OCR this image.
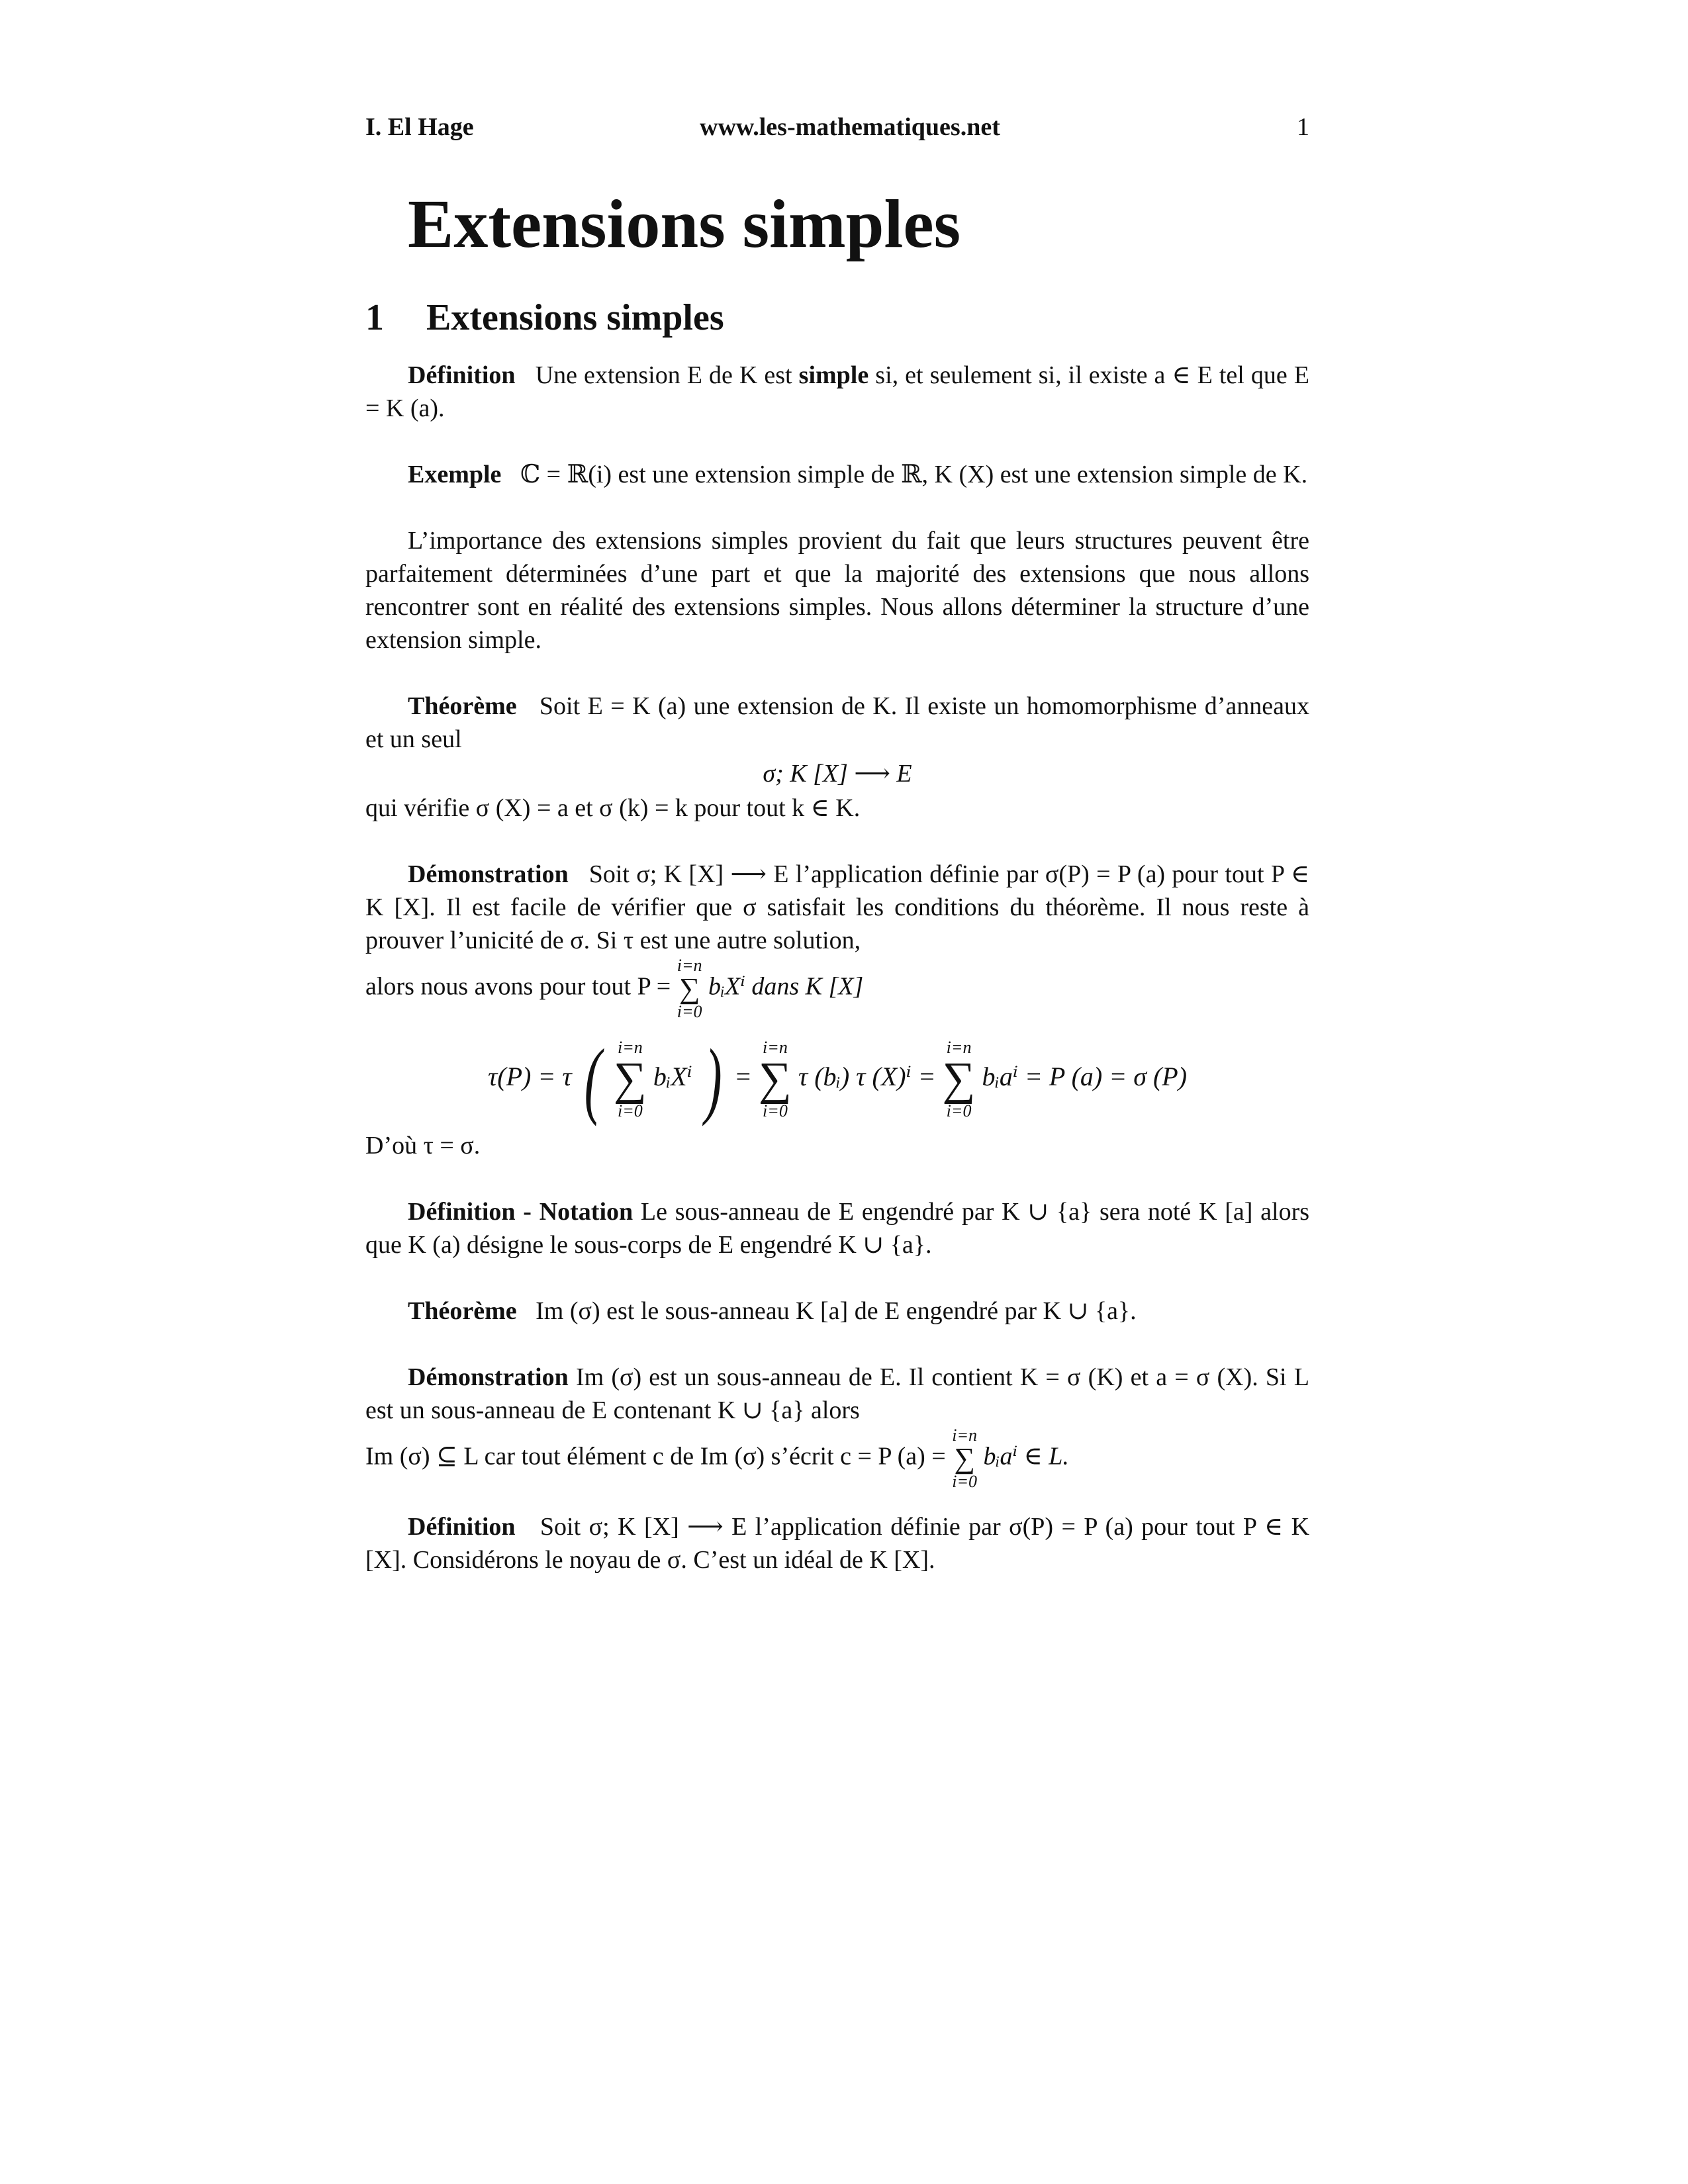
I. El Hage	www.les-mathematiques.net	1
Extensions simples
1 Extensions simples

Définition Une extension E de K est simple si, et seulement si, il existe a ∈ E tel que E = K (a).

Exemple ℂ = ℝ(i) est une extension simple de ℝ, K (X) est une extension simple de K.

L’importance des extensions simples provient du fait que leurs structures peuvent être parfaitement déterminées d’une part et que la majorité des extensions que nous allons rencontrer sont en réalité des extensions simples. Nous allons déterminer la structure d’une extension simple.

Théorème Soit E = K (a) une extension de K. Il existe un homomorphisme d’anneaux et un seul

σ; K [X] ⟶ E

qui vérifie σ (X) = a et σ (k) = k pour tout k ∈ K.

Démonstration Soit σ; K [X] ⟶ E l’application définie par σ(P) = P (a) pour tout P ∈ K [X]. Il est facile de vérifier que σ satisfait les conditions du théorème. Il nous reste à prouver l’unicité de σ. Si τ est une autre solution,

alors nous avons pour tout P =
i=n
∑
i=0
bᵢXⁱ dans K [X]

τ(P) = τ ( i=n
∑
i=0
bᵢXⁱ ) =
i=n
∑
i=0
τ (bᵢ) τ (X)ⁱ =
i=n
∑
i=0
bᵢaⁱ = P (a) = σ (P)

D’où τ = σ.

Définition - Notation Le sous-anneau de E engendré par K ∪ {a} sera noté K [a] alors que K (a) désigne le sous-corps de E engendré K ∪ {a}.

Théorème Im (σ) est le sous-anneau K [a] de E engendré par K ∪ {a}.

Démonstration Im (σ) est un sous-anneau de E. Il contient K = σ (K) et a = σ (X). Si L est un sous-anneau de E contenant K ∪ {a} alors

Im (σ) ⊆ L car tout élément c de Im (σ) s’écrit c = P (a) =
i=n
∑
i=0
bᵢaⁱ ∈ L.

Définition Soit σ; K [X] ⟶ E l’application définie par σ(P) = P (a) pour tout P ∈ K [X]. Considérons le noyau de σ. C’est un idéal de K [X].
